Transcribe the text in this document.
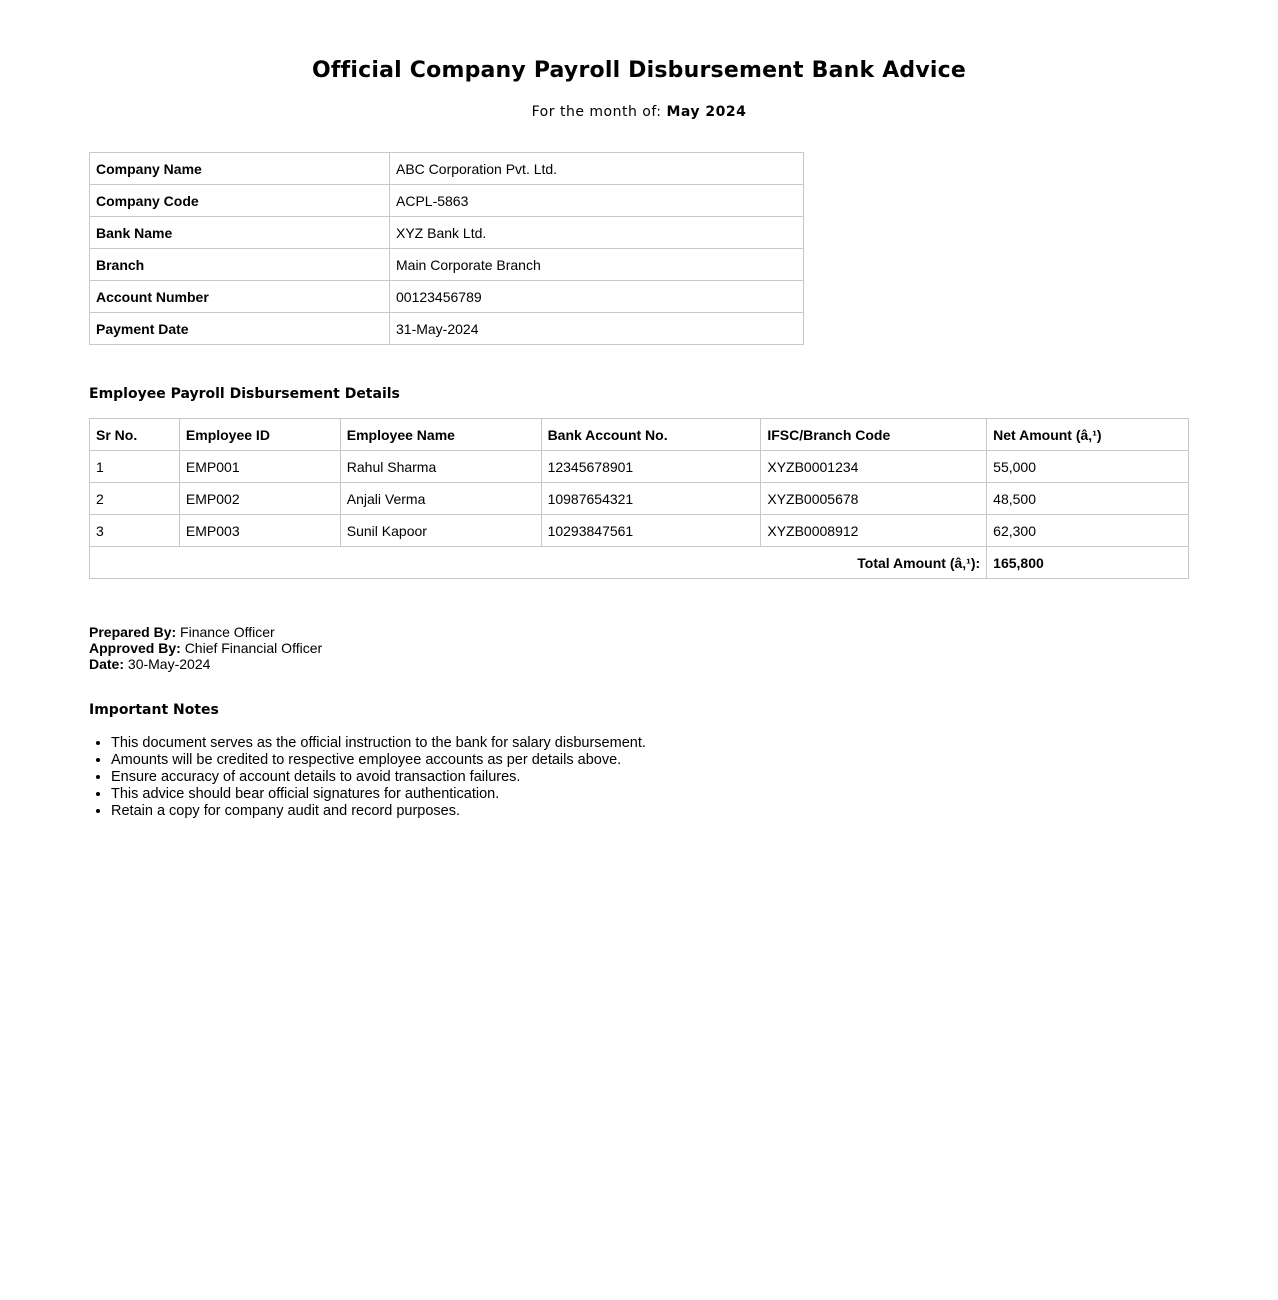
Official Company Payroll Disbursement Bank Advice
For the month of: May 2024
Company Name	ABC Corporation Pvt. Ltd.
Company Code	ACPL-5863
Bank Name	XYZ Bank Ltd.
Branch	Main Corporate Branch
Account Number	00123456789
Payment Date	31-May-2024
Employee Payroll Disbursement Details
Sr No.	Employee ID	Employee Name	Bank Account No.	IFSC/Branch Code	Net Amount (â‚¹)
1	EMP001	Rahul Sharma	12345678901	XYZB0001234	55,000
2	EMP002	Anjali Verma	10987654321	XYZB0005678	48,500
3	EMP003	Sunil Kapoor	10293847561	XYZB0008912	62,300
Total Amount (â‚¹):					165,800
Prepared By: Finance Officer
Approved By: Chief Financial Officer
Date: 30-May-2024
Important Notes
• This document serves as the official instruction to the bank for salary disbursement.
• Amounts will be credited to respective employee accounts as per details above.
• Ensure accuracy of account details to avoid transaction failures.
• This advice should bear official signatures for authentication.
• Retain a copy for company audit and record purposes.
